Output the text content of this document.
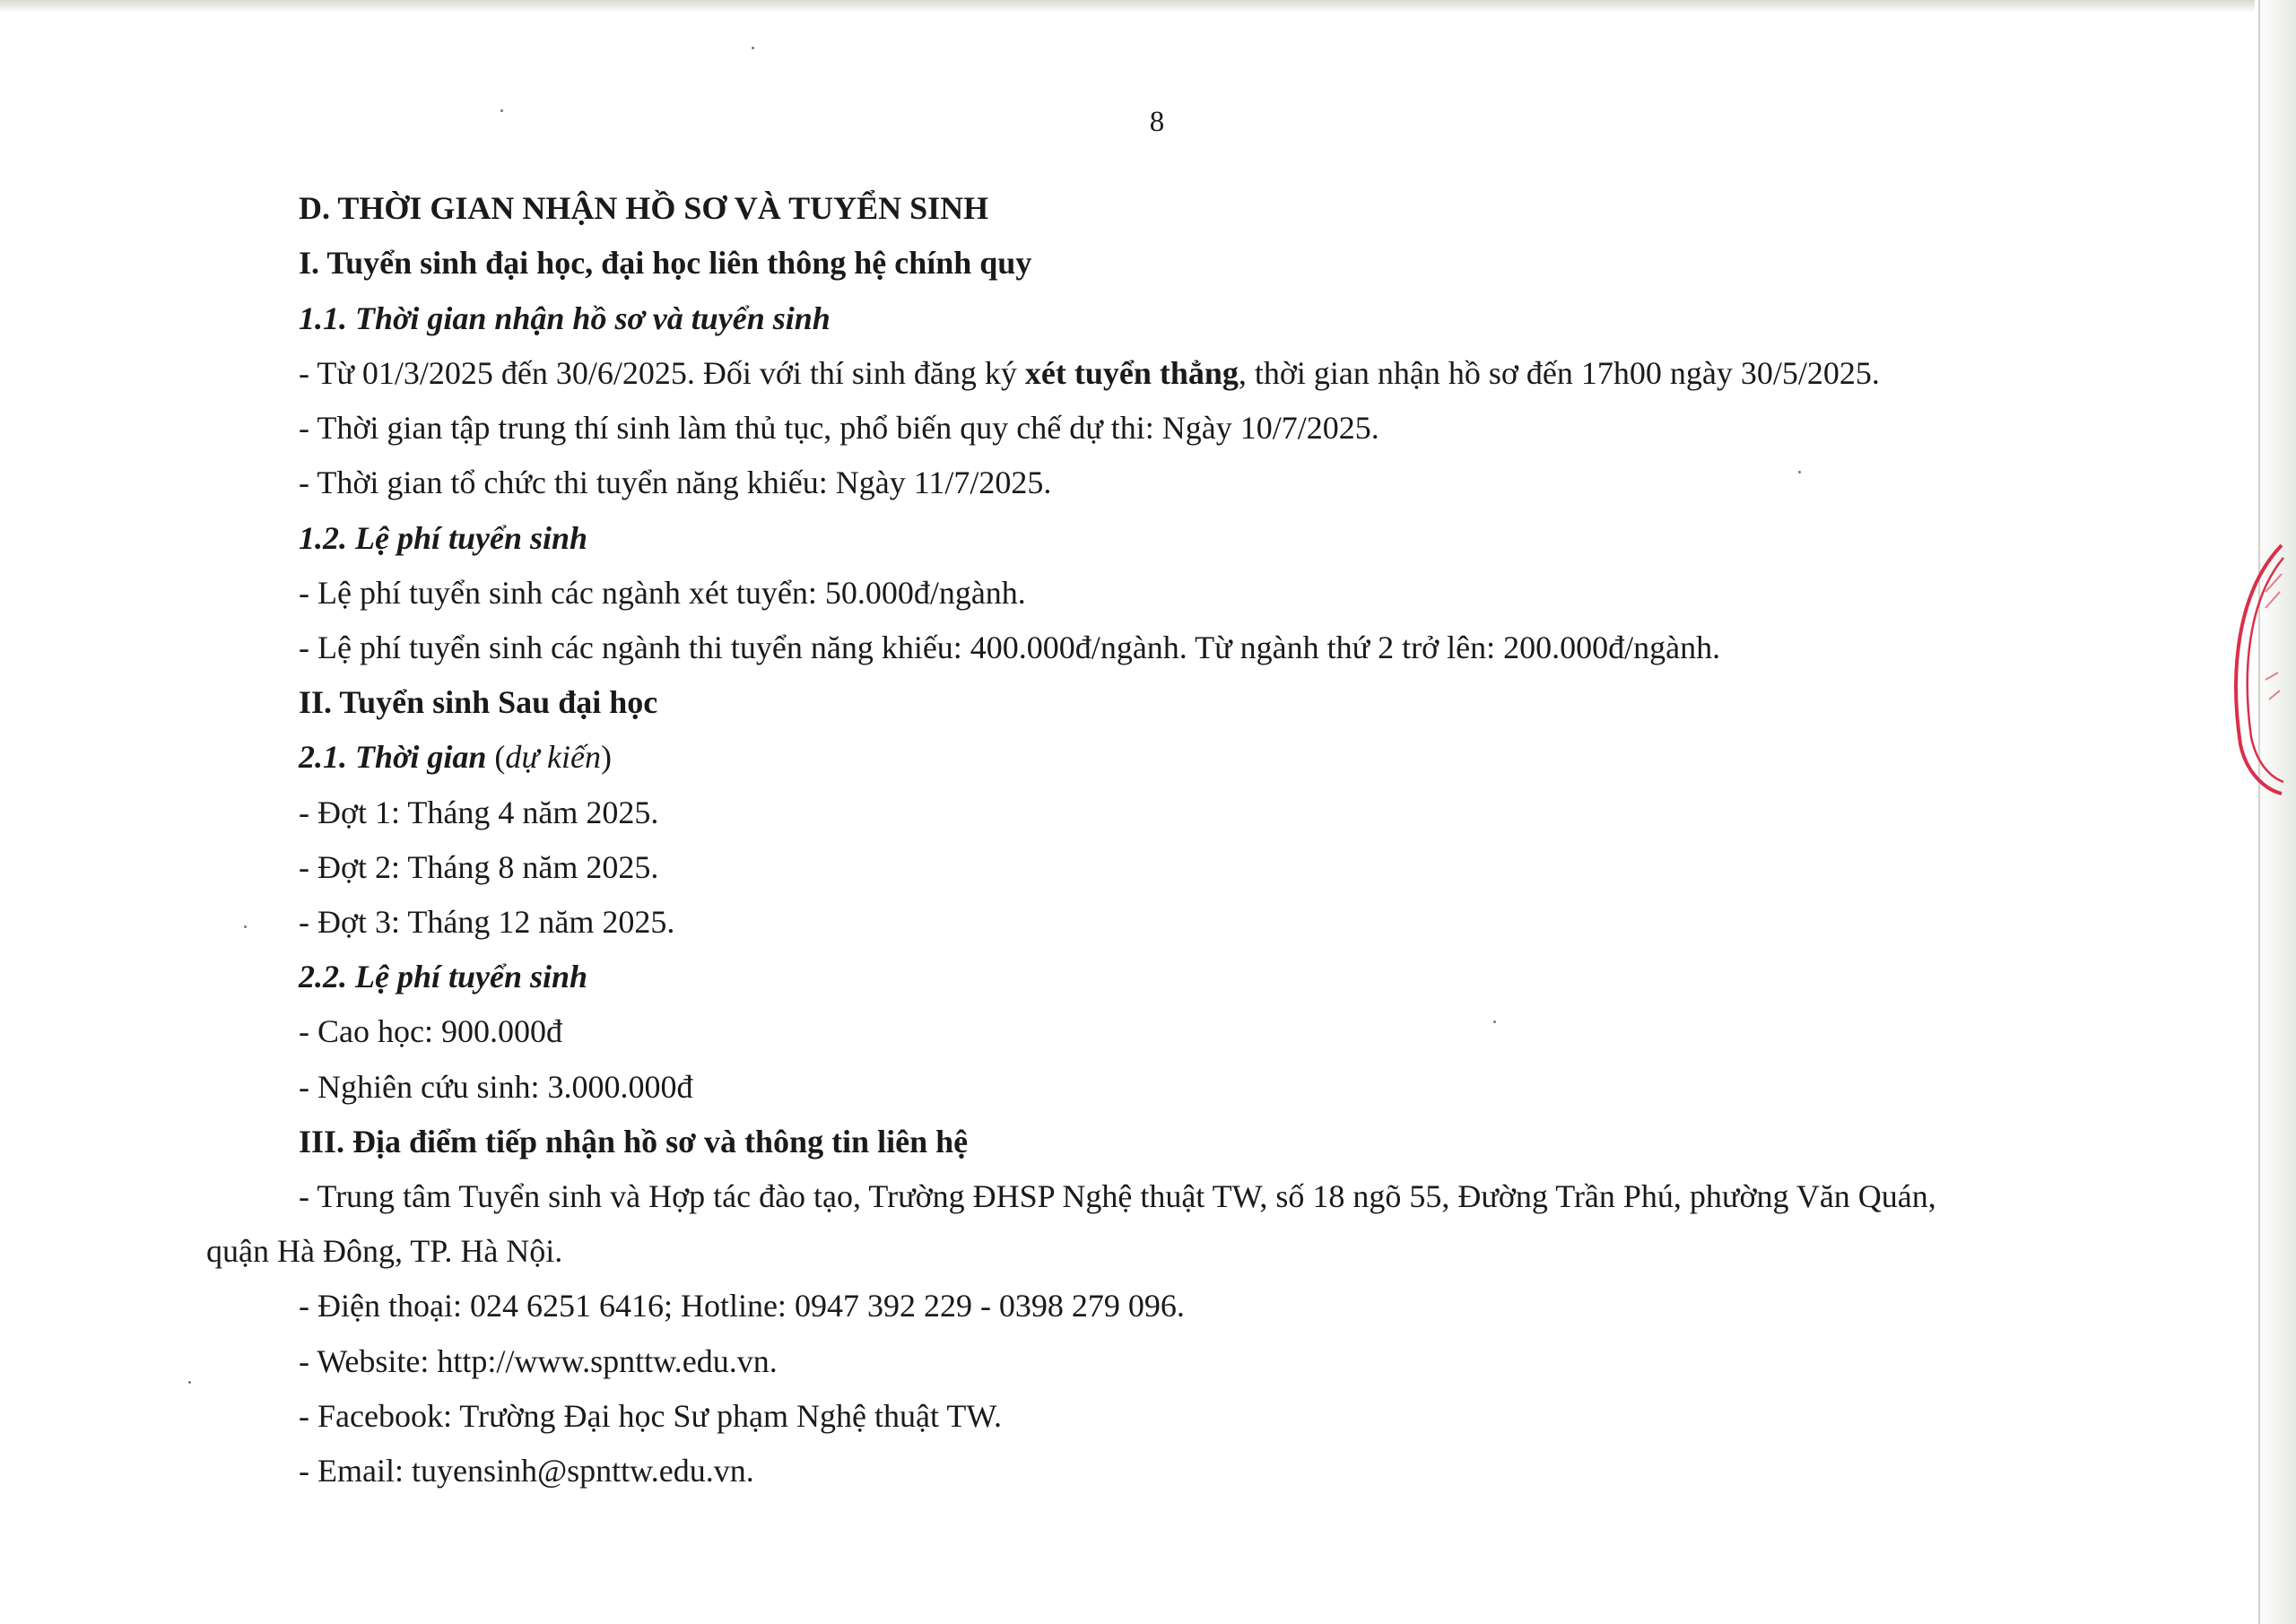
8
D. THỜI GIAN NHẬN HỒ SƠ VÀ TUYỂN SINH
I. Tuyển sinh đại học, đại học liên thông hệ chính quy
1.1. Thời gian nhận hồ sơ và tuyển sinh
- Từ 01/3/2025 đến 30/6/2025. Đối với thí sinh đăng ký xét tuyển thẳng, thời gian nhận hồ sơ đến 17h00 ngày 30/5/2025.
- Thời gian tập trung thí sinh làm thủ tục, phổ biến quy chế dự thi: Ngày 10/7/2025.
- Thời gian tổ chức thi tuyển năng khiếu: Ngày 11/7/2025.
1.2. Lệ phí tuyển sinh
- Lệ phí tuyển sinh các ngành xét tuyển: 50.000đ/ngành.
- Lệ phí tuyển sinh các ngành thi tuyển năng khiếu: 400.000đ/ngành. Từ ngành thứ 2 trở lên: 200.000đ/ngành.
II. Tuyển sinh Sau đại học
2.1. Thời gian (dự kiến)
- Đợt 1: Tháng 4 năm 2025.
- Đợt 2: Tháng 8 năm 2025.
- Đợt 3: Tháng 12 năm 2025.
2.2. Lệ phí tuyển sinh
- Cao học: 900.000đ
- Nghiên cứu sinh: 3.000.000đ
III. Địa điểm tiếp nhận hồ sơ và thông tin liên hệ
- Trung tâm Tuyển sinh và Hợp tác đào tạo, Trường ĐHSP Nghệ thuật TW, số 18 ngõ 55, Đường Trần Phú, phường Văn Quán,
quận Hà Đông, TP. Hà Nội.
- Điện thoại: 024 6251 6416; Hotline: 0947 392 229 - 0398 279 096.
- Website: http://www.spnttw.edu.vn.
- Facebook: Trường Đại học Sư phạm Nghệ thuật TW.
- Email: tuyensinh@spnttw.edu.vn.
